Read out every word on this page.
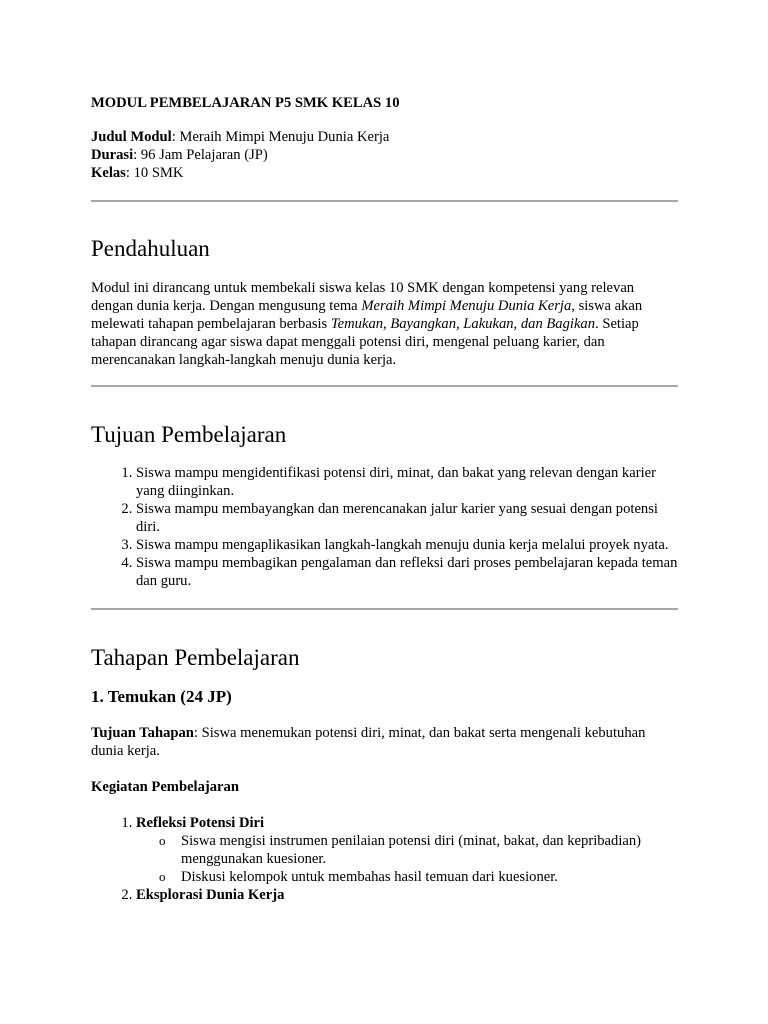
MODUL PEMBELAJARAN P5 SMK KELAS 10

Judul Modul: Meraih Mimpi Menuju Dunia Kerja

Durasi: 96 Jam Pelajaran (JP)

Kelas: 10 SMK

Pendahuluan

Modul ini dirancang untuk membekali siswa kelas 10 SMK dengan kompetensi yang relevan dengan dunia kerja. Dengan mengusung tema Meraih Mimpi Menuju Dunia Kerja, siswa akan melewati tahapan pembelajaran berbasis Temukan, Bayangkan, Lakukan, dan Bagikan. Setiap tahapan dirancang agar siswa dapat menggali potensi diri, mengenal peluang karier, dan merencanakan langkah-langkah menuju dunia kerja.

Tujuan Pembelajaran
1. Siswa mampu mengidentifikasi potensi diri, minat, dan bakat yang relevan dengan karier yang diinginkan.
2. Siswa mampu membayangkan dan merencanakan jalur karier yang sesuai dengan potensi diri.
3. Siswa mampu mengaplikasikan langkah-langkah menuju dunia kerja melalui proyek nyata.
4. Siswa mampu membagikan pengalaman dan refleksi dari proses pembelajaran kepada teman dan guru.
Tahapan Pembelajaran
1. Temukan (24 JP)

Tujuan Tahapan: Siswa menemukan potensi diri, minat, dan bakat serta mengenali kebutuhan dunia kerja.

Kegiatan Pembelajaran

1. Refleksi Potensi Diri
o Siswa mengisi instrumen penilaian potensi diri (minat, bakat, dan kepribadian) menggunakan kuesioner.
o Diskusi kelompok untuk membahas hasil temuan dari kuesioner.
2. Eksplorasi Dunia Kerja
